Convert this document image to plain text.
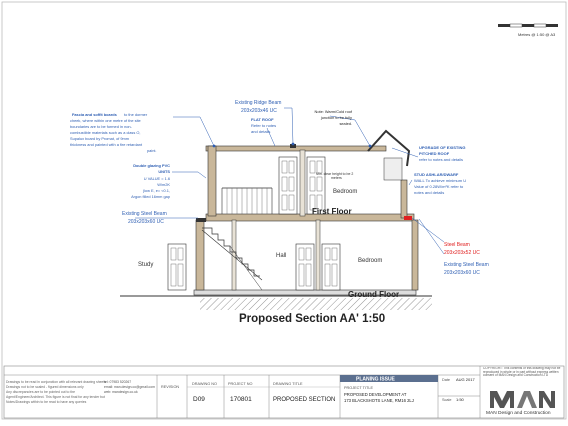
Metres @ 1:50 @ A3
Bedroom
Min. clear height to be 2
meters
Hall
Study
Bedroom
First Floor
Ground Floor
Proposed Section AA' 1:50
Fascia and soffit boards to the dormer
cheek, where within one metre of the site
boundaries are to be formed in non-
combustible materials such as a class O,
Supalux board by Promat, of 9mm
thickness and painted with a fire retardant
paint.
Double glazing PVC
UNITS
U VALUE = 1.6
W/m2K
(low E, e= <0.1,
Argon filled 16mm gap
Existing Steel Beam
203x203x60 UC
Existing Ridge Beam
203x203x46 UC
FLAT ROOF
Refer to notes
and details
Note: Warm/Cold roof
junction to be fully
sealed.
UPGRADE OF EXISTING
PITCHED ROOF
refer to notes and details
STUD ASHLAR/DWARF
WALL To achieve minimum U
Value of 0.28W/m²K refer to
notes and details
Steel Beam
203x203x52 UC
Existing Steel Beam
203x203x60 UC
PLANING ISSUE
Drawings to be read in conjunction with all relevant drawing sheets
Drawings not to be scaled - figured dimensions only
Any discrepancies are to be pointed out to the
Agent/Engineer/Architect. This figure is not final for any tender but
Notes/Drawings within to be read to have any queries
tel: 07983 520267
email: man.design.co@gmail.com
web: mandesign.co.uk
REVISION
DRAWING NO
D09
PROJECT NO
170801
DRAWING TITLE
PROPOSED SECTION
PROJECT TITLE
PROPOSED DEVELOPMENT AT
173 BLACKSHOTS LANE, RM16 2LJ
Date AUG 2017
Scale 1:50
COPYRIGHT: This contents of this drawing may not be reproduced in whole or in part without express written consent of MAN Design and Construction LTD
MAN Design and Construction
